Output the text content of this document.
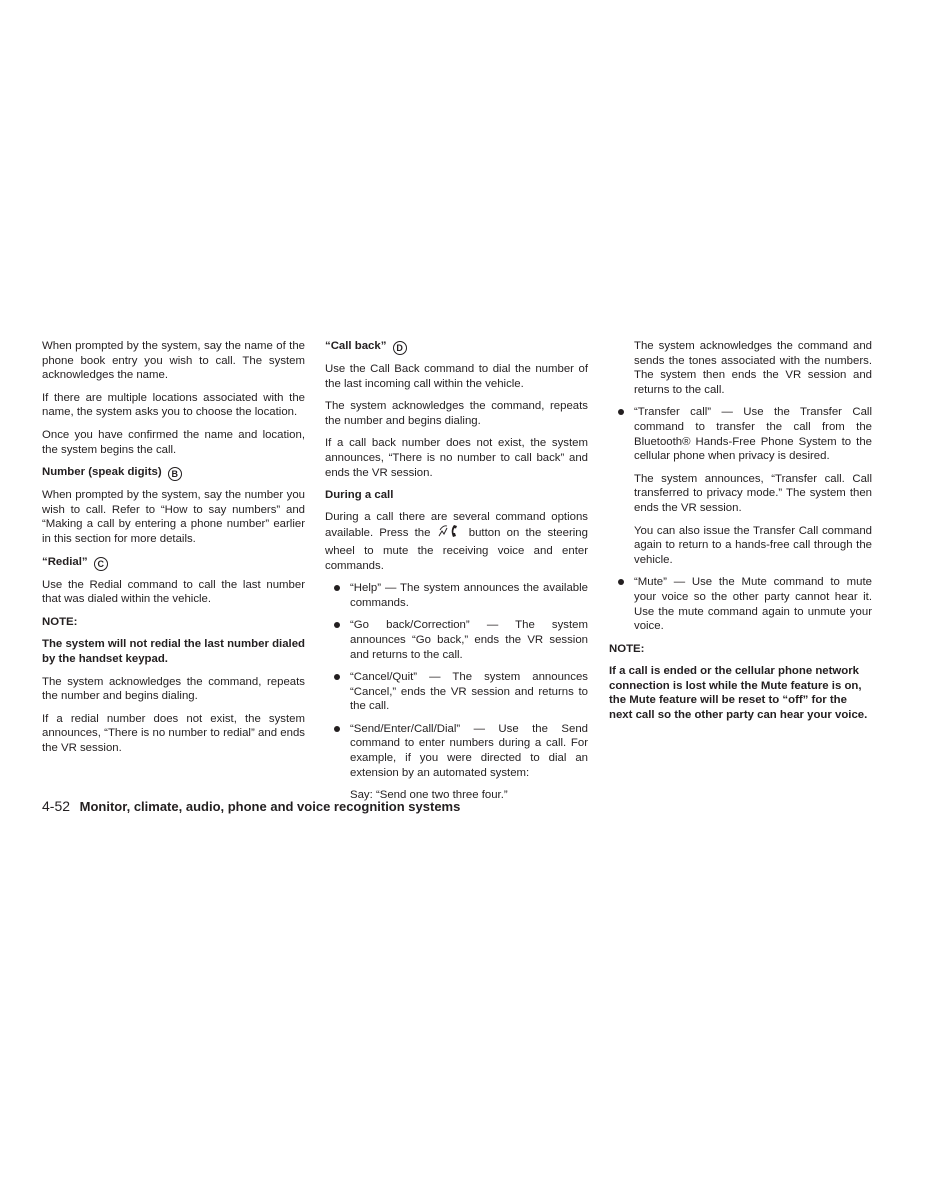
When prompted by the system, say the name of the phone book entry you wish to call. The system acknowledges the name.

If there are multiple locations associated with the name, the system asks you to choose the location.

Once you have confirmed the name and location, the system begins the call.

Number (speak digits) B

When prompted by the system, say the number you wish to call. Refer to “How to say numbers” and “Making a call by entering a phone number” earlier in this section for more details.

“Redial” C

Use the Redial command to call the last number that was dialed within the vehicle.

NOTE:

The system will not redial the last number dialed by the handset keypad.

The system acknowledges the command, repeats the number and begins dialing.

If a redial number does not exist, the system announces, “There is no number to redial” and ends the VR session.

“Call back” D

Use the Call Back command to dial the number of the last incoming call within the vehicle.

The system acknowledges the command, repeats the number and begins dialing.

If a call back number does not exist, the system announces, “There is no number to call back” and ends the VR session.

During a call

During a call there are several command options available. Press the	button on the steering wheel to mute the receiving voice and enter commands.

“Help” — The system announces the available commands.
“Go back/Correction” — The system announces “Go back,” ends the VR session and returns to the call.
“Cancel/Quit” — The system announces “Cancel,” ends the VR session and returns to the call.
“Send/Enter/Call/Dial” — Use the Send command to enter numbers during a call. For example, if you were directed to dial an extension by an automated system:

Say: “Send one two three four.”

The system acknowledges the command and sends the tones associated with the numbers. The system then ends the VR session and returns to the call.

“Transfer call” — Use the Transfer Call command to transfer the call from the Bluetooth® Hands-Free Phone System to the cellular phone when privacy is desired.

The system announces, “Transfer call. Call transferred to privacy mode.” The system then ends the VR session.

You can also issue the Transfer Call command again to return to a hands-free call through the vehicle.

“Mute” — Use the Mute command to mute your voice so the other party cannot hear it. Use the mute command again to unmute your voice.

NOTE:

If a call is ended or the cellular phone network connection is lost while the Mute feature is on, the Mute feature will be reset to “off” for the next call so the other party can hear your voice.

4-52 Monitor, climate, audio, phone and voice recognition systems
